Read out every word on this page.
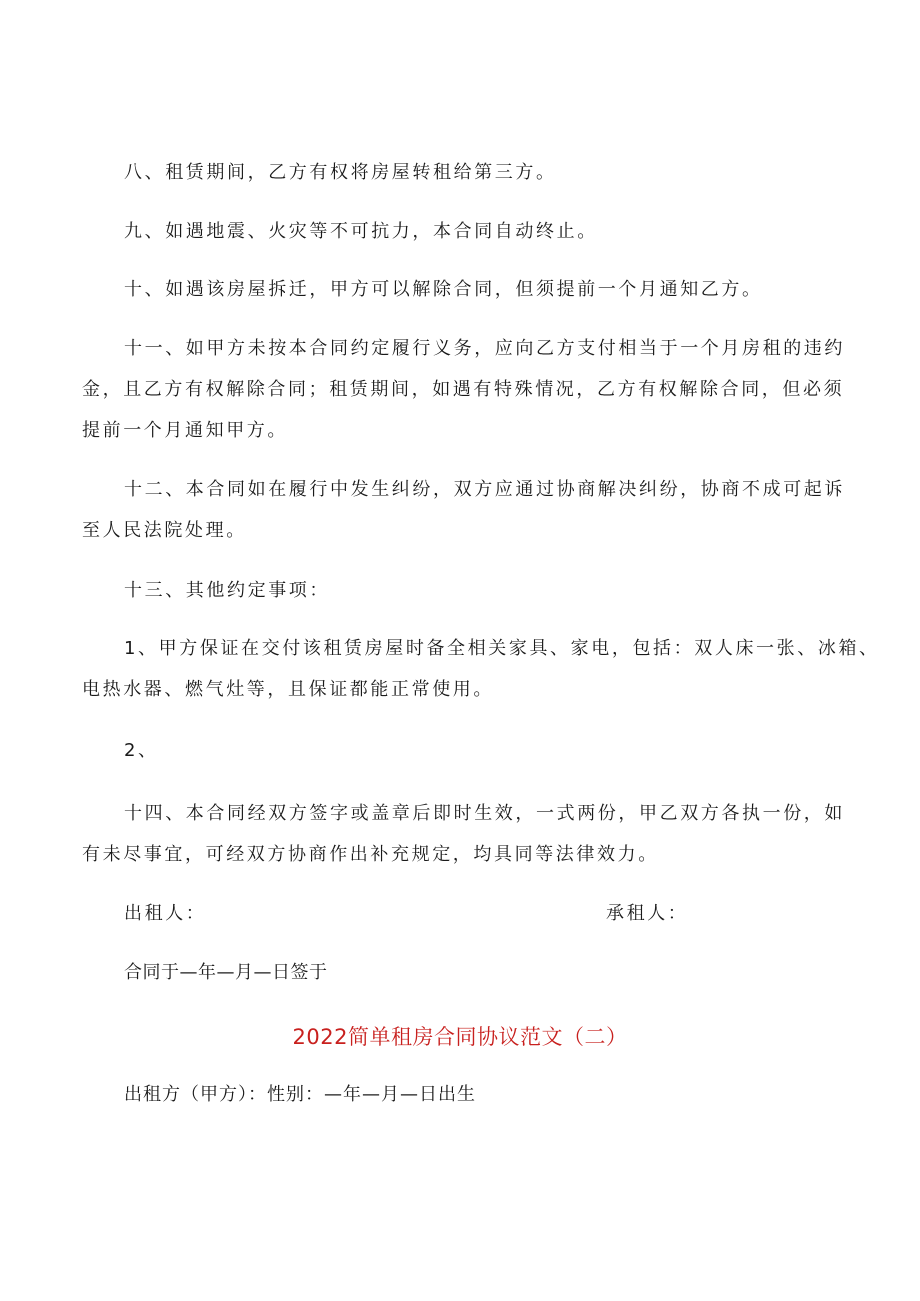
八、租赁期间，乙方有权将房屋转租给第三方。
九、如遇地震、火灾等不可抗力，本合同自动终止。
十、如遇该房屋拆迁，甲方可以解除合同，但须提前一个月通知乙方。
十一、如甲方未按本合同约定履行义务，应向乙方支付相当于一个月房租的违约
金，且乙方有权解除合同；租赁期间，如遇有特殊情况，乙方有权解除合同，但必须
提前一个月通知甲方。
十二、本合同如在履行中发生纠纷，双方应通过协商解决纠纷，协商不成可起诉
至人民法院处理。
十三、其他约定事项：
1、甲方保证在交付该租赁房屋时备全相关家具、家电，包括：双人床一张、冰箱、
电热水器、燃气灶等，且保证都能正常使用。
2、
十四、本合同经双方签字或盖章后即时生效，一式两份，甲乙双方各执一份，如
有未尽事宜，可经双方协商作出补充规定，均具同等法律效力。
出租人：	承租人：
合同于—年—月—日签于
2022简单租房合同协议范文（二）
出租方（甲方）：性别：—年—月—日出生
